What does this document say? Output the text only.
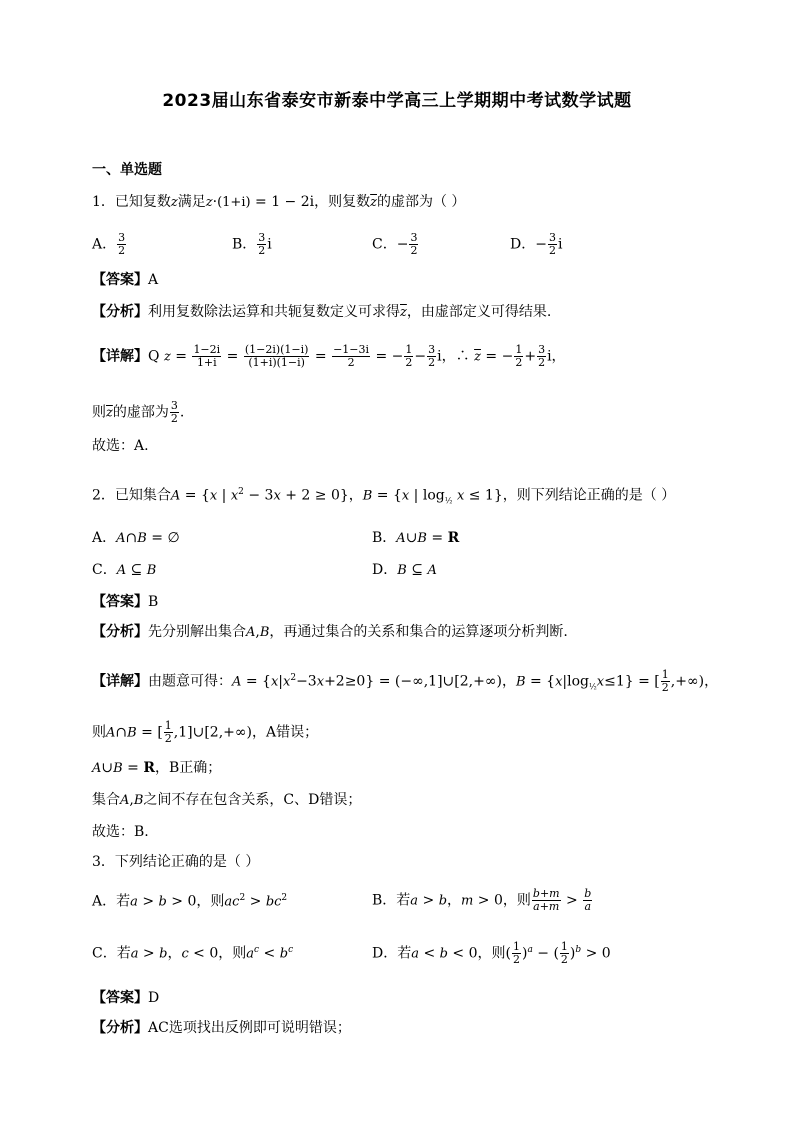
2023届山东省泰安市新泰中学高三上学期期中考试数学试题
一、单选题
1．已知复数z满足z·(1+i) = 1 − 2i，则复数$\overline{z}$的虚部为（ ）
A． $\frac{3}{2}$	B． $\frac{3}{2}$ i	C．− $\frac{3}{2}$	D．− $\frac{3}{2}$ i
【答案】A
【分析】利用复数除法运算和共轭复数定义可求得$\overline{z}$，由虚部定义可得结果.
【详解】Q $z = \frac{1-2i}{1+i} = \frac{(1-2i)(1-i)}{(1+i)(1-i)} = \frac{-1-3i}{2}$ = − $\frac{1}{2} - \frac{3}{2}$ i，∴ $\overline{z}$ = − $\frac{1}{2} + \frac{3}{2}$ i，
则$\overline{z}$的虚部为 $\frac{3}{2}$ .
故选：A.
2．已知集合A = {x | $x^2 - 3x + 2 \ge 0$}，B = {x | $\log_{\frac{1}{2}} x \le 1$}，则下列结论正确的是（ ）
A．A∩B = ∅	B．A∪B = R
C．A ⊆ B	D．B ⊆ A
【答案】B
【分析】先分别解出集合A,B，再通过集合的关系和集合的运算逐项分析判断.
【详解】由题意可得：$A = \{x|x^2-3x+2\ge 0\}$ = (−∞,1]∪[2,+∞)，$B = \{x|\log_{\frac{1}{2}}x\le 1\}$ = [ $\frac{1}{2}$ ,+∞)，
则A∩B = [ $\frac{1}{2}$ ,1]∪[2,+∞)，A错误；
A∪B = R，B正确；
集合A,B之间不存在包含关系，C、D错误；
故选：B.
3．下列结论正确的是（ ）
A．若a > b > 0，则$ac^2 > bc^2$	B．若a > b，m > 0，则 $\frac{b+m}{a+m} > \frac{b}{a}$
C．若a > b，c < 0，则$a^c < b^c$	D．若a < b < 0，则( $\frac{1}{2} )^a$ − ( $\frac{1}{2} )^b > 0$
【答案】D
【分析】AC选项找出反例即可说明错误；
